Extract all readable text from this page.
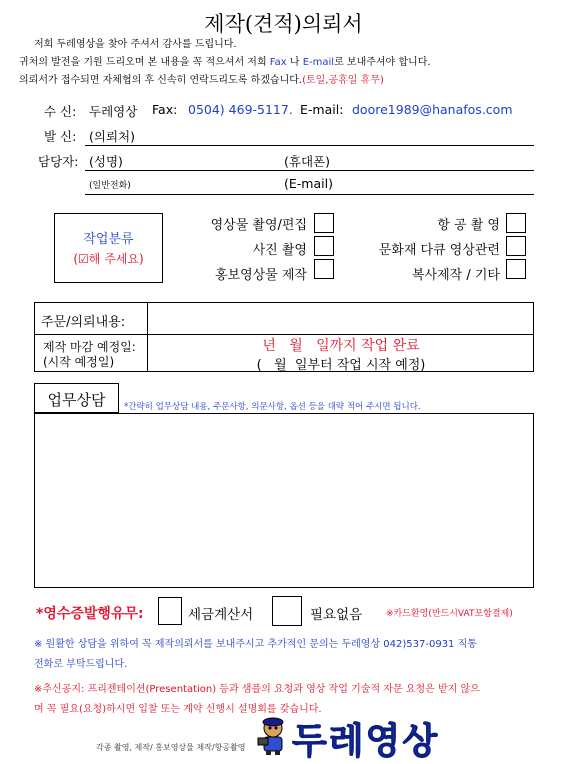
제작(견적)의뢰서
저희 두레영상을 찾아 주셔서 감사를 드립니다.
귀처의 발전을 기원 드리오며 본 내용을 꼭 적으셔서 저희 Fax 나 E-mail로 보내주셔야 합니다.
의뢰서가 접수되면 자체협의 후 신속히 연락드리도록 하겠습니다.(토일,공휴일 휴무)
수 신: 두레영상 Fax: 0504) 469-5117. E-mail: doore1989@hanafos.com
발 신: (의뢰처)
담당자: (성명)	(휴대폰)
(일반전화)	(E-mail)
작업분류
(☑해 주세요)
영상물 촬영/편집
사진 촬영
홍보영상물 제작
항 공 촬 영
문화재 다큐 영상관련
복사제작 / 기타
주문/의뢰내용:
제작 마감 예정일:
(시작 예정일)
년   월   일까지 작업 완료
(   월  일부터 작업 시작 예정)
업무상담	*간략히 업무상담 내용, 주문사항, 의문사항, 옵션 등을 대략 적어 주시면 됩니다.
*영수증발행유무:	세금계산서	필요없음	※카드환영(반드시VAT포함결제)
※ 원활한 상담을 위하여 꼭 제작의뢰서를 보내주시고 추가적인 문의는 두레영상 042)537-0931 직통
전화로 부탁드립니다.
※추신공지: 프리젠테이션(Presentation) 등과 샘플의 요청과 영상 작업 기술적 자문 요청은 받지 않으
며 꼭 필요(요청)하시면 입찰 또는 계약 신행시 설명회를 갖습니다.
각종 촬영, 제작/ 홍보영상물 제작/항공촬영 두레영상
